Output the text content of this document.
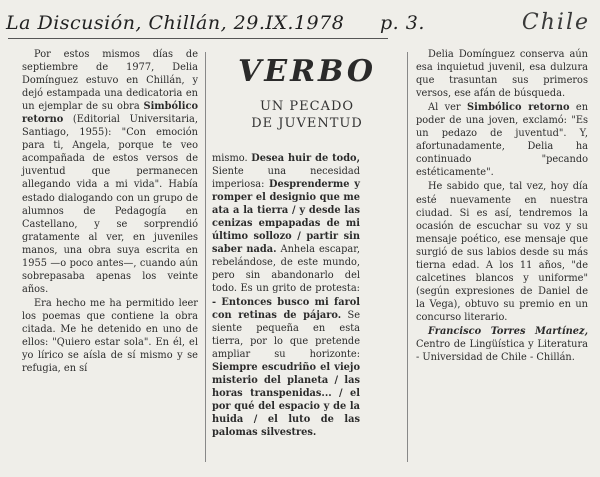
La Discusión, Chillán, 29.IX.1978 p. 3.	Chile

Por estos mismos días de septiembre de 1977, Delia Domínguez estuvo en Chillán, y dejó estampada una dedicatoria en un ejemplar de su obra Simbólico retorno (Editorial Universitaria, Santiago, 1955): "Con emoción para ti, Angela, porque te veo acompañada de estos versos de juventud que permanecen allegando vida a mi vida". Había estado dialogando con un grupo de alumnos de Pedagogía en Castellano, y se sorprendió gratamente al ver, en juveniles manos, una obra suya escrita en 1955 —o poco antes—, cuando aún sobrepasaba apenas los veinte años.

Era hecho me ha permitido leer los poemas que contiene la obra citada. Me he detenido en uno de ellos: "Quiero estar sola". En él, el yo lírico se aísla de sí mismo y se refugia, en sí

VERBO
UN PECADO
DE JUVENTUD

mismo. Desea huir de todo, Siente una necesidad imperiosa: Desprenderme y romper el designio que me ata a la tierra / y desde las cenizas empapadas de mi último sollozo / partir sin saber nada. Anhela escapar, rebelándose, de este mundo, pero sin abandonarlo del todo. Es un grito de protesta: - Entonces busco mi farol con retinas de pájaro. Se siente pequeña en esta tierra, por lo que pretende ampliar su horizonte: Siempre escudriño el viejo misterio del planeta / las horas transpenidas... / el por qué del espacio y de la huida / el luto de las palomas silvestres.

Delia Domínguez conserva aún esa inquietud juvenil, esa dulzura que trasuntan sus primeros versos, ese afán de búsqueda.

Al ver Simbólico retorno en poder de una joven, exclamó: "Es un pedazo de juventud". Y, afortunadamente, Delia ha continuado "pecando estéticamente".

He sabido que, tal vez, hoy día esté nuevamente en nuestra ciudad. Si es así, tendremos la ocasión de escuchar su voz y su mensaje poético, ese mensaje que surgió de sus labios desde su más tierna edad. A los 11 años, "de calcetines blancos y uniforme" (según expresiones de Daniel de la Vega), obtuvo su premio en un concurso literario.

Francisco Torres Martínez, Centro de Lingüística y Literatura - Universidad de Chile - Chillán.
